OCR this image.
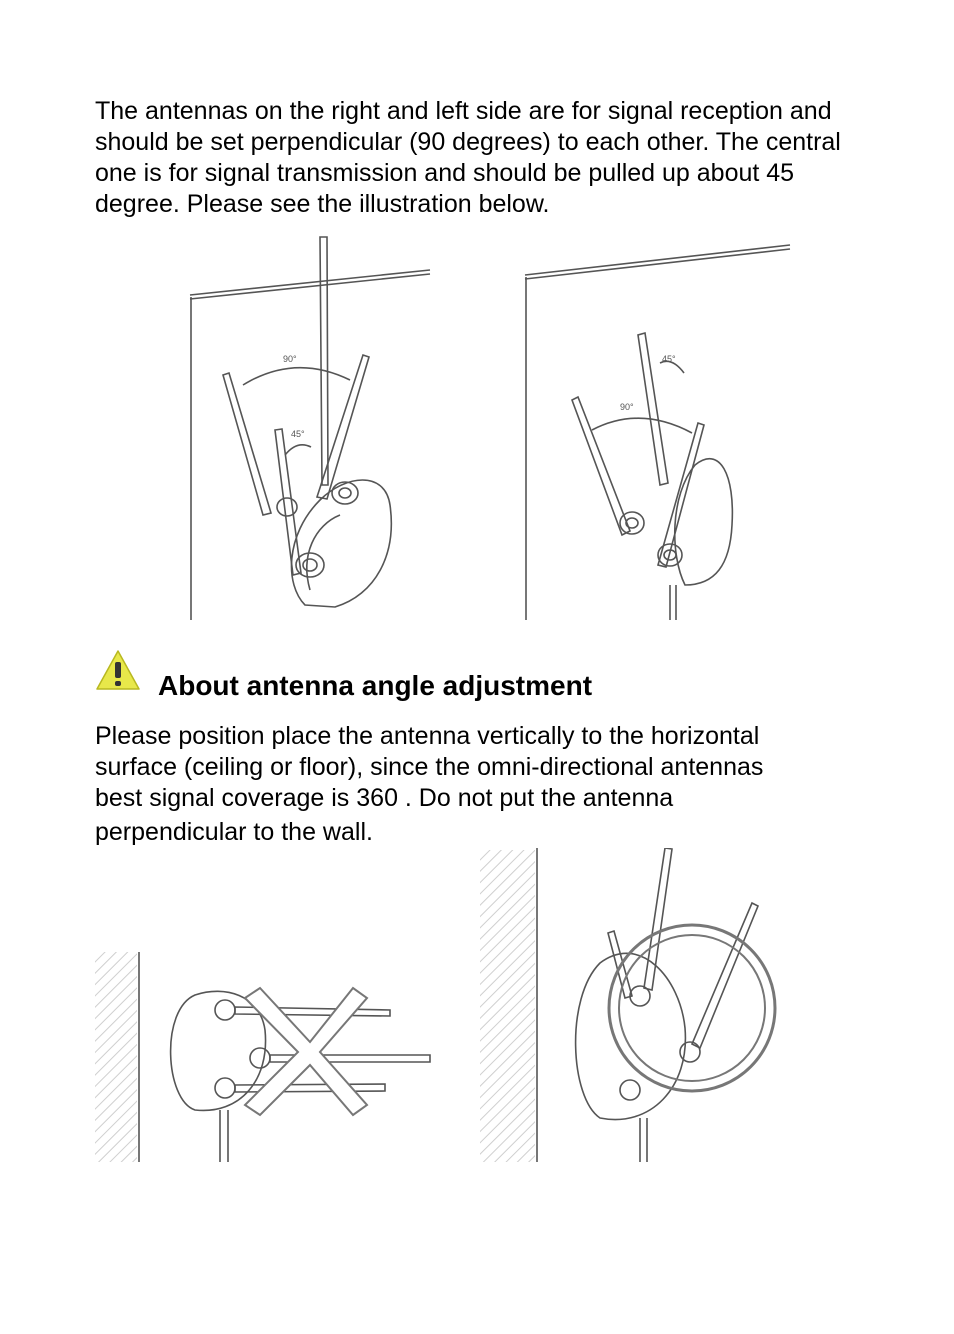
The antennas on the right and left side are for signal reception and
should be set perpendicular (90 degrees) to each other. The central
one is for signal transmission and should be pulled up about 45
degree. Please see the illustration below.

90°
45°
45°
90°
About antenna angle adjustment

Please position place the antenna vertically to the horizontal
surface (ceiling or floor), since the omni-directional antennas
best signal coverage is 360 . Do not put the antenna
perpendicular to the wall.
